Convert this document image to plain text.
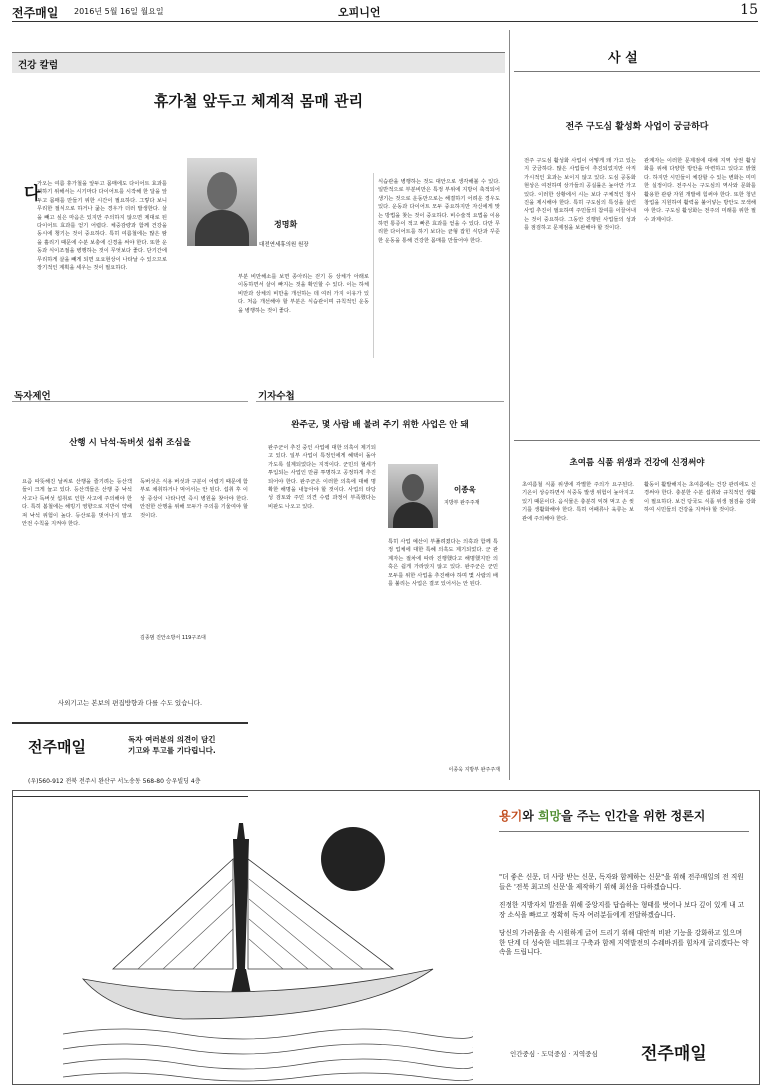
전주매일 2016년 5월 16일 월요일	오피니언	15
건강 칼럼
휴가철 앞두고 체계적 몸매 관리
정명화
대전연세휴의원 원장
다
가오는 여름 휴가철을 앞두고 몸매에도 다이어트 효과를 꾀하기 위해서는 시기마다 다이어트를 시작해 한 달을 앞두고 몸매를 만들기 위한 시간이 필요하다. 그렇다 보니 무리한 절식으로 하거나 굶는 경우가 더러 발생한다. 살을 빼고 싶은 마음은 있지만 주의하지 않으면 제대로 된 다이어트 효과를 얻기 어렵다. 체중감량과 함께 건강을 동시에 챙기는 것이 중요하다. 특히 여름철에는 많은 땀을 흘리기 때문에 수분 보충에 신경을 써야 한다. 또한 운동과 식이조절을 병행하는 것이 무엇보다 좋다. 단기간에 무리하게 살을 빼게 되면 요요현상이 나타날 수 있으므로 장기적인 계획을 세우는 것이 필요하다.
부분 비만해소를 보면 종아리는 걷기 등 상체가 아래로 이동하면서 살이 빠지는 것을 확인할 수 있다. 이는 하체 비만과 상체의 비만을 개선하는 데 여러 가지 이유가 있다. 처음 개선해야 할 부분은 식습관이며 규칙적인 운동을 병행하는 것이 좋다.
식습관을 병행하는 것도 대안으로 생각해볼 수 있다. 일반적으로 부분비만은 특정 부위에 지방이 축적되어 생기는 것으로 운동만으로는 해결하기 어려운 경우도 있다. 운동과 다이어트 모두 중요하지만 자신에게 맞는 방법을 찾는 것이 중요하다. 비수술적 요법을 이용하면 통증이 적고 빠른 효과를 얻을 수 있다. 다만 무리한 다이어트를 하기 보다는 균형 잡힌 식단과 꾸준한 운동을 통해 건강한 몸매를 만들어야 한다.
사 설
전주 구도심 활성화 사업이 궁금하다
전주 구도심 활성화 사업이 어떻게 돼 가고 있는지 궁금하다. 많은 사업들이 추진되었지만 아직 가시적인 효과는 보이지 않고 있다. 도심 공동화 현상은 여전하며 상가들의 공실률은 높아만 가고 있다. 이러한 상황에서 시는 보다 구체적인 청사진을 제시해야 한다. 특히 구도심의 특성을 살린 사업 추진이 필요하며 주민들의 참여를 이끌어내는 것이 중요하다. 그동안 진행된 사업들의 성과를 점검하고 문제점을 보완해야 할 것이다.
관계자는 이러한 문제점에 대해 지역 상권 활성화를 위해 다양한 방안을 마련하고 있다고 밝혔다. 하지만 시민들이 체감할 수 있는 변화는 미미한 실정이다. 전주시는 구도심의 역사와 문화를 활용한 관광 자원 개발에 힘써야 한다. 또한 청년 창업을 지원하여 활력을 불어넣는 방안도 모색해야 한다. 구도심 활성화는 전주의 미래를 위한 필수 과제이다.
독자제언
산행 시 낙석·독버섯 섭취 조심을
요즘 따뜻해진 날씨로 산행을 즐기려는 등산객들이 크게 늘고 있다. 등산객들은 산행 중 낙석 사고나 독버섯 섭취로 인한 사고에 주의해야 한다. 특히 봄철에는 해빙기 영향으로 지반이 약해져 낙석 위험이 높다. 등산로를 벗어나지 말고 안전 수칙을 지켜야 한다.
독버섯은 식용 버섯과 구분이 어렵기 때문에 함부로 채취하거나 먹어서는 안 된다. 섭취 후 이상 증상이 나타나면 즉시 병원을 찾아야 한다. 안전한 산행을 위해 모두가 주의를 기울여야 할 것이다.
김종범 진안소방서 119구조대
사외기고는 본보의 편집방향과 다를 수도 있습니다.
전주매일	독자 여러분의 의견이 담긴
기고와 투고를 기다립니다.
(우)560-912 전북 전주시 완산구 서노송동 568-80 승우빌딩 4층
기자수첩
완주군, 몇 사람 배 불려 주기 위한 사업은 안 돼
완주군이 추진 중인 사업에 대한 의혹이 제기되고 있다. 일부 사업이 특정인에게 혜택이 돌아가도록 설계되었다는 지적이다. 군민의 혈세가 투입되는 사업인 만큼 투명하고 공정하게 추진되어야 한다. 완주군은 이러한 의혹에 대해 명확한 해명을 내놓아야 할 것이다. 사업의 타당성 검토와 주민 의견 수렴 과정이 부족했다는 비판도 나오고 있다.
이종욱
지방부 완주주재
특히 사업 예산이 부풀려졌다는 의혹과 함께 특정 업체에 대한 특혜 의혹도 제기되었다. 군 관계자는 절차에 따라 진행했다고 해명했지만 의혹은 쉽게 가라앉지 않고 있다. 완주군은 군민 모두를 위한 사업을 추진해야 하며 몇 사람의 배를 불리는 사업은 결코 있어서는 안 된다.
이종욱 지방부 완주주재
초여름 식품 위생과 건강에 신경써야
초여름철 식품 위생에 각별한 주의가 요구된다. 기온이 상승하면서 식중독 발생 위험이 높아지고 있기 때문이다. 음식물은 충분히 익혀 먹고 손 씻기를 생활화해야 한다. 특히 어패류나 육류는 보관에 주의해야 한다.
활동이 활발해지는 초여름에는 건강 관리에도 신경써야 한다. 충분한 수분 섭취와 규칙적인 생활이 필요하다. 보건 당국도 식품 위생 점검을 강화하여 시민들의 건강을 지켜야 할 것이다.
용기와 희망을 주는 인간을 위한 정론지

"더 좋은 신문, 더 사랑 받는 신문, 독자와 함께하는 신문"을 위해 전주매일의 전 직원들은 '전북 최고의 신문'을 제작하기 위해 최선을 다하겠습니다.

진정한 지방자치 발전을 위해 중앙지를 답습하는 형태를 벗어나 보다 깊이 있게 내 고장 소식을 빠르고 정확히 독자 여러분들에게 전달하겠습니다.

당신의 가려움을 속 시원하게 긁어 드리기 위해 대안적 비판 기능을 강화하고 있으며 한 단계 더 성숙한 네트워크 구축과 함께 지역발전의 수레바퀴를 힘차게 굴리겠다는 약속을 드립니다.

인간중심 · 도덕중심 · 지역중심	전주매일
